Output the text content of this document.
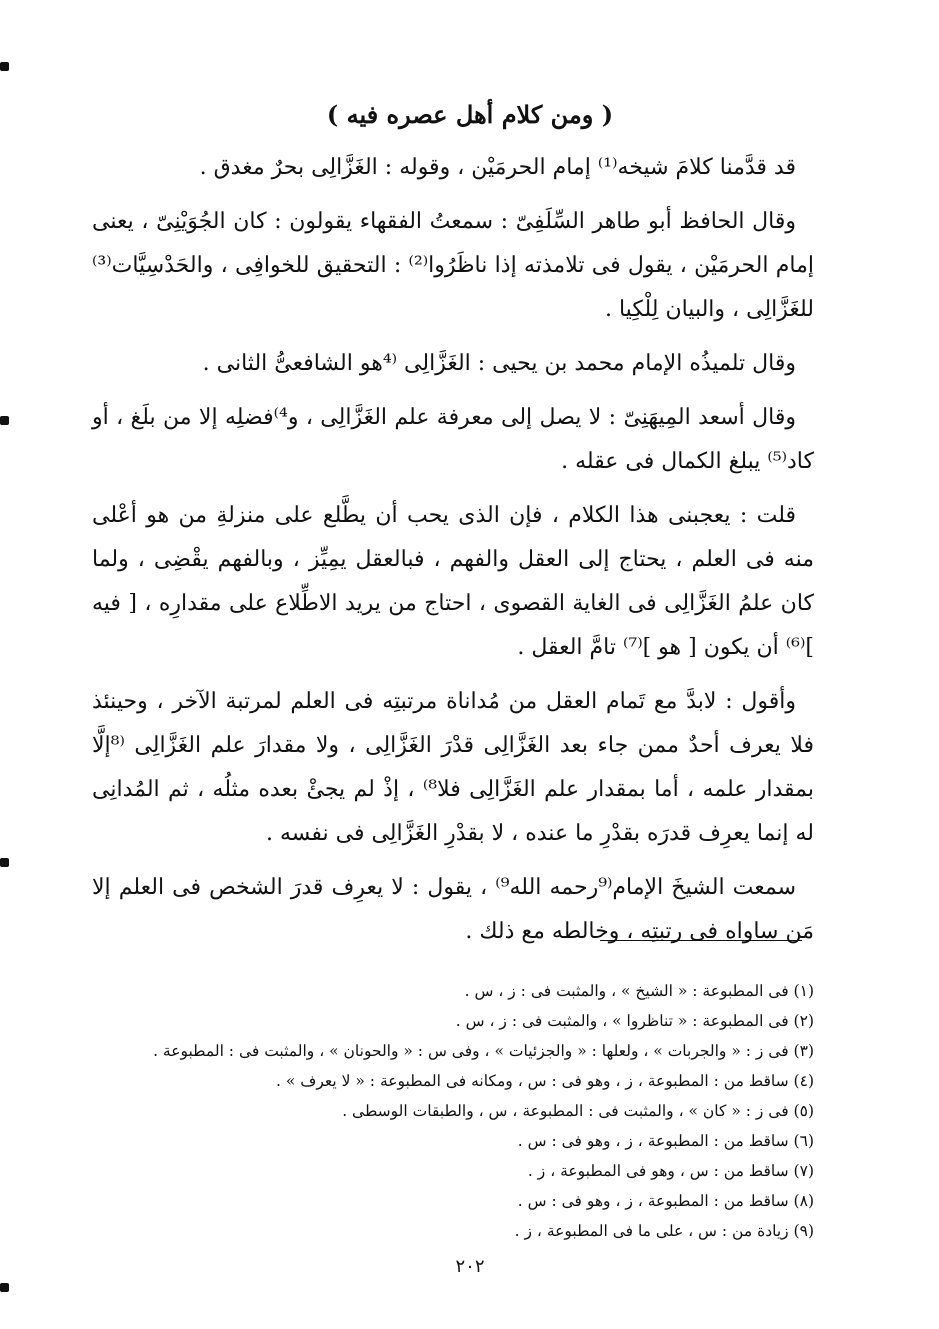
( ومن كلام أهل عصره فيه )

قد قدَّمنا كلامَ شيخه⁽¹⁾ إمام الحرمَيْن ، وقوله : الغَزَّالِى بحرٌ مغدق .

وقال الحافظ أبو طاهر السِّلَفِىّ : سمعتُ الفقهاء يقولون : كان الجُوَيْنِىّ ، يعنى إمام الحرمَيْن ، يقول فى تلامذته إذا ناظَرُوا⁽²⁾ : التحقيق للخوافِى ، والحَدْسِيَّات⁽³⁾ للغَزَّالِى ، والبيان لِلْكِيا .

وقال تلميذُه الإمام محمد بن يحيى : الغَزَّالِى ⁽⁴هو الشافعىُّ الثانى .

وقال أسعد المِيهَنِىّ : لا يصل إلى معرفة علم الغَزَّالِى ، و⁴⁾فضلِه إلا من بلَغ ، أو كاد⁽⁵⁾ يبلغ الكمال فى عقله .

قلت : يعجبنى هذا الكلام ، فإن الذى يحب أن يطَّلع على منزلةِ من هو أعْلى منه فى العلم ، يحتاج إلى العقل والفهم ، فبالعقل يمِيِّز ، وبالفهم يقْضِى ، ولما كان علمُ الغَزَّالِى فى الغاية القصوى ، احتاج من يريد الاطِّلاع على مقدارِه ، [ فيه ]⁽⁶⁾ أن يكون [ هو ]⁽⁷⁾ تامَّ العقل .

وأقول : لابدَّ مع تَمام العقل من مُداناة مرتبتِه فى العلم لمرتبة الآخر ، وحينئذ فلا يعرف أحدٌ ممن جاء بعد الغَزَّالِى قدْرَ الغَزَّالِى ، ولا مقدارَ علم الغَزَّالِى ⁽⁸إلَّا بمقدار علمه ، أما بمقدار علم الغَزَّالِى فلا⁸⁾ ، إذْ لم يجئْ بعده مثلُه ، ثم المُدانِى له إنما يعرِف قدرَه بقدْرِ ما عنده ، لا بقدْرِ الغَزَّالِى فى نفسه .

سمعت الشيخَ الإمام⁽⁹رحمه الله⁹⁾ ، يقول : لا يعرِف قدرَ الشخص فى العلم إلا مَن ساواه فى رتبتِه ، وخالطه مع ذلك .

(١) فى المطبوعة : « الشيخ » ، والمثبت فى : ز ، س .
(٢) فى المطبوعة : « تناظروا » ، والمثبت فى : ز ، س .
(٣) فى ز : « والجربات » ، ولعلها : « والجزئيات » ، وفى س : « والحونان » ، والمثبت فى : المطبوعة .
(٤) ساقط من : المطبوعة ، ز ، وهو فى : س ، ومكانه فى المطبوعة : « لا يعرف » .
(٥) فى ز : « كان » ، والمثبت فى : المطبوعة ، س ، والطبقات الوسطى .
(٦) ساقط من : المطبوعة ، ز ، وهو فى : س .
(٧) ساقط من : س ، وهو فى المطبوعة ، ز .
(٨) ساقط من : المطبوعة ، ز ، وهو فى : س .
(٩) زيادة من : س ، على ما فى المطبوعة ، ز .
٢٠٢
